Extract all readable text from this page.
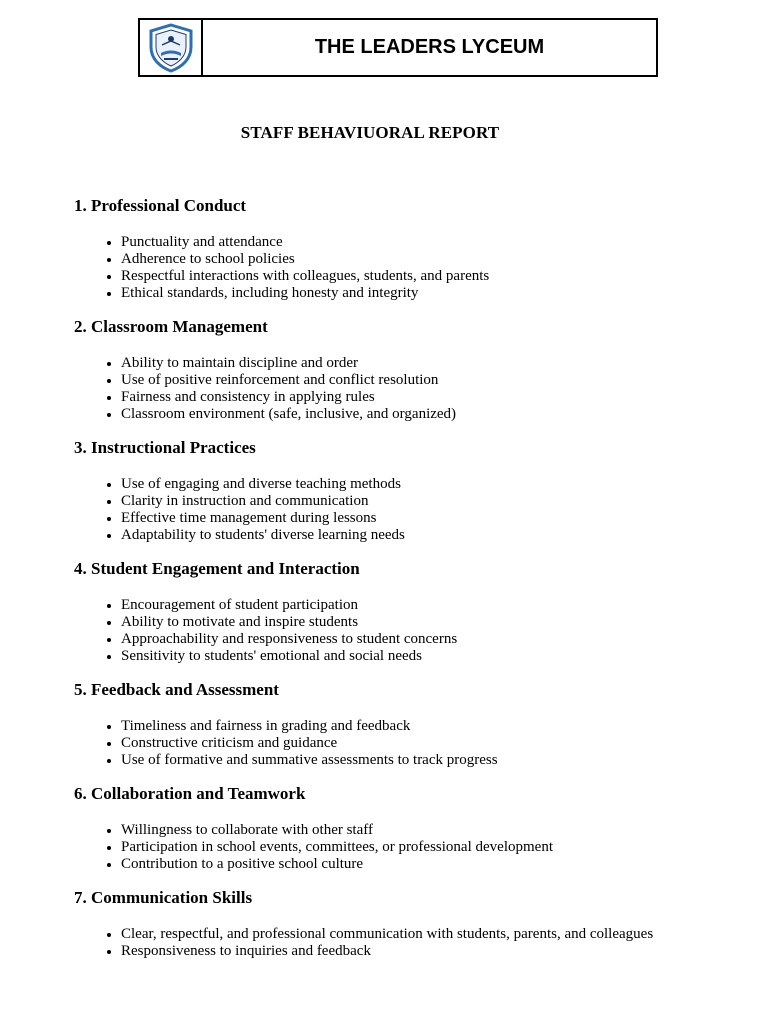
THE LEADERS LYCEUM
STAFF BEHAVIUORAL REPORT
1. Professional Conduct
• Punctuality and attendance
• Adherence to school policies
• Respectful interactions with colleagues, students, and parents
• Ethical standards, including honesty and integrity
2. Classroom Management
• Ability to maintain discipline and order
• Use of positive reinforcement and conflict resolution
• Fairness and consistency in applying rules
• Classroom environment (safe, inclusive, and organized)
3. Instructional Practices
• Use of engaging and diverse teaching methods
• Clarity in instruction and communication
• Effective time management during lessons
• Adaptability to students' diverse learning needs
4. Student Engagement and Interaction
• Encouragement of student participation
• Ability to motivate and inspire students
• Approachability and responsiveness to student concerns
• Sensitivity to students' emotional and social needs
5. Feedback and Assessment
• Timeliness and fairness in grading and feedback
• Constructive criticism and guidance
• Use of formative and summative assessments to track progress
6. Collaboration and Teamwork
• Willingness to collaborate with other staff
• Participation in school events, committees, or professional development
• Contribution to a positive school culture
7. Communication Skills
• Clear, respectful, and professional communication with students, parents, and colleagues
• Responsiveness to inquiries and feedback
